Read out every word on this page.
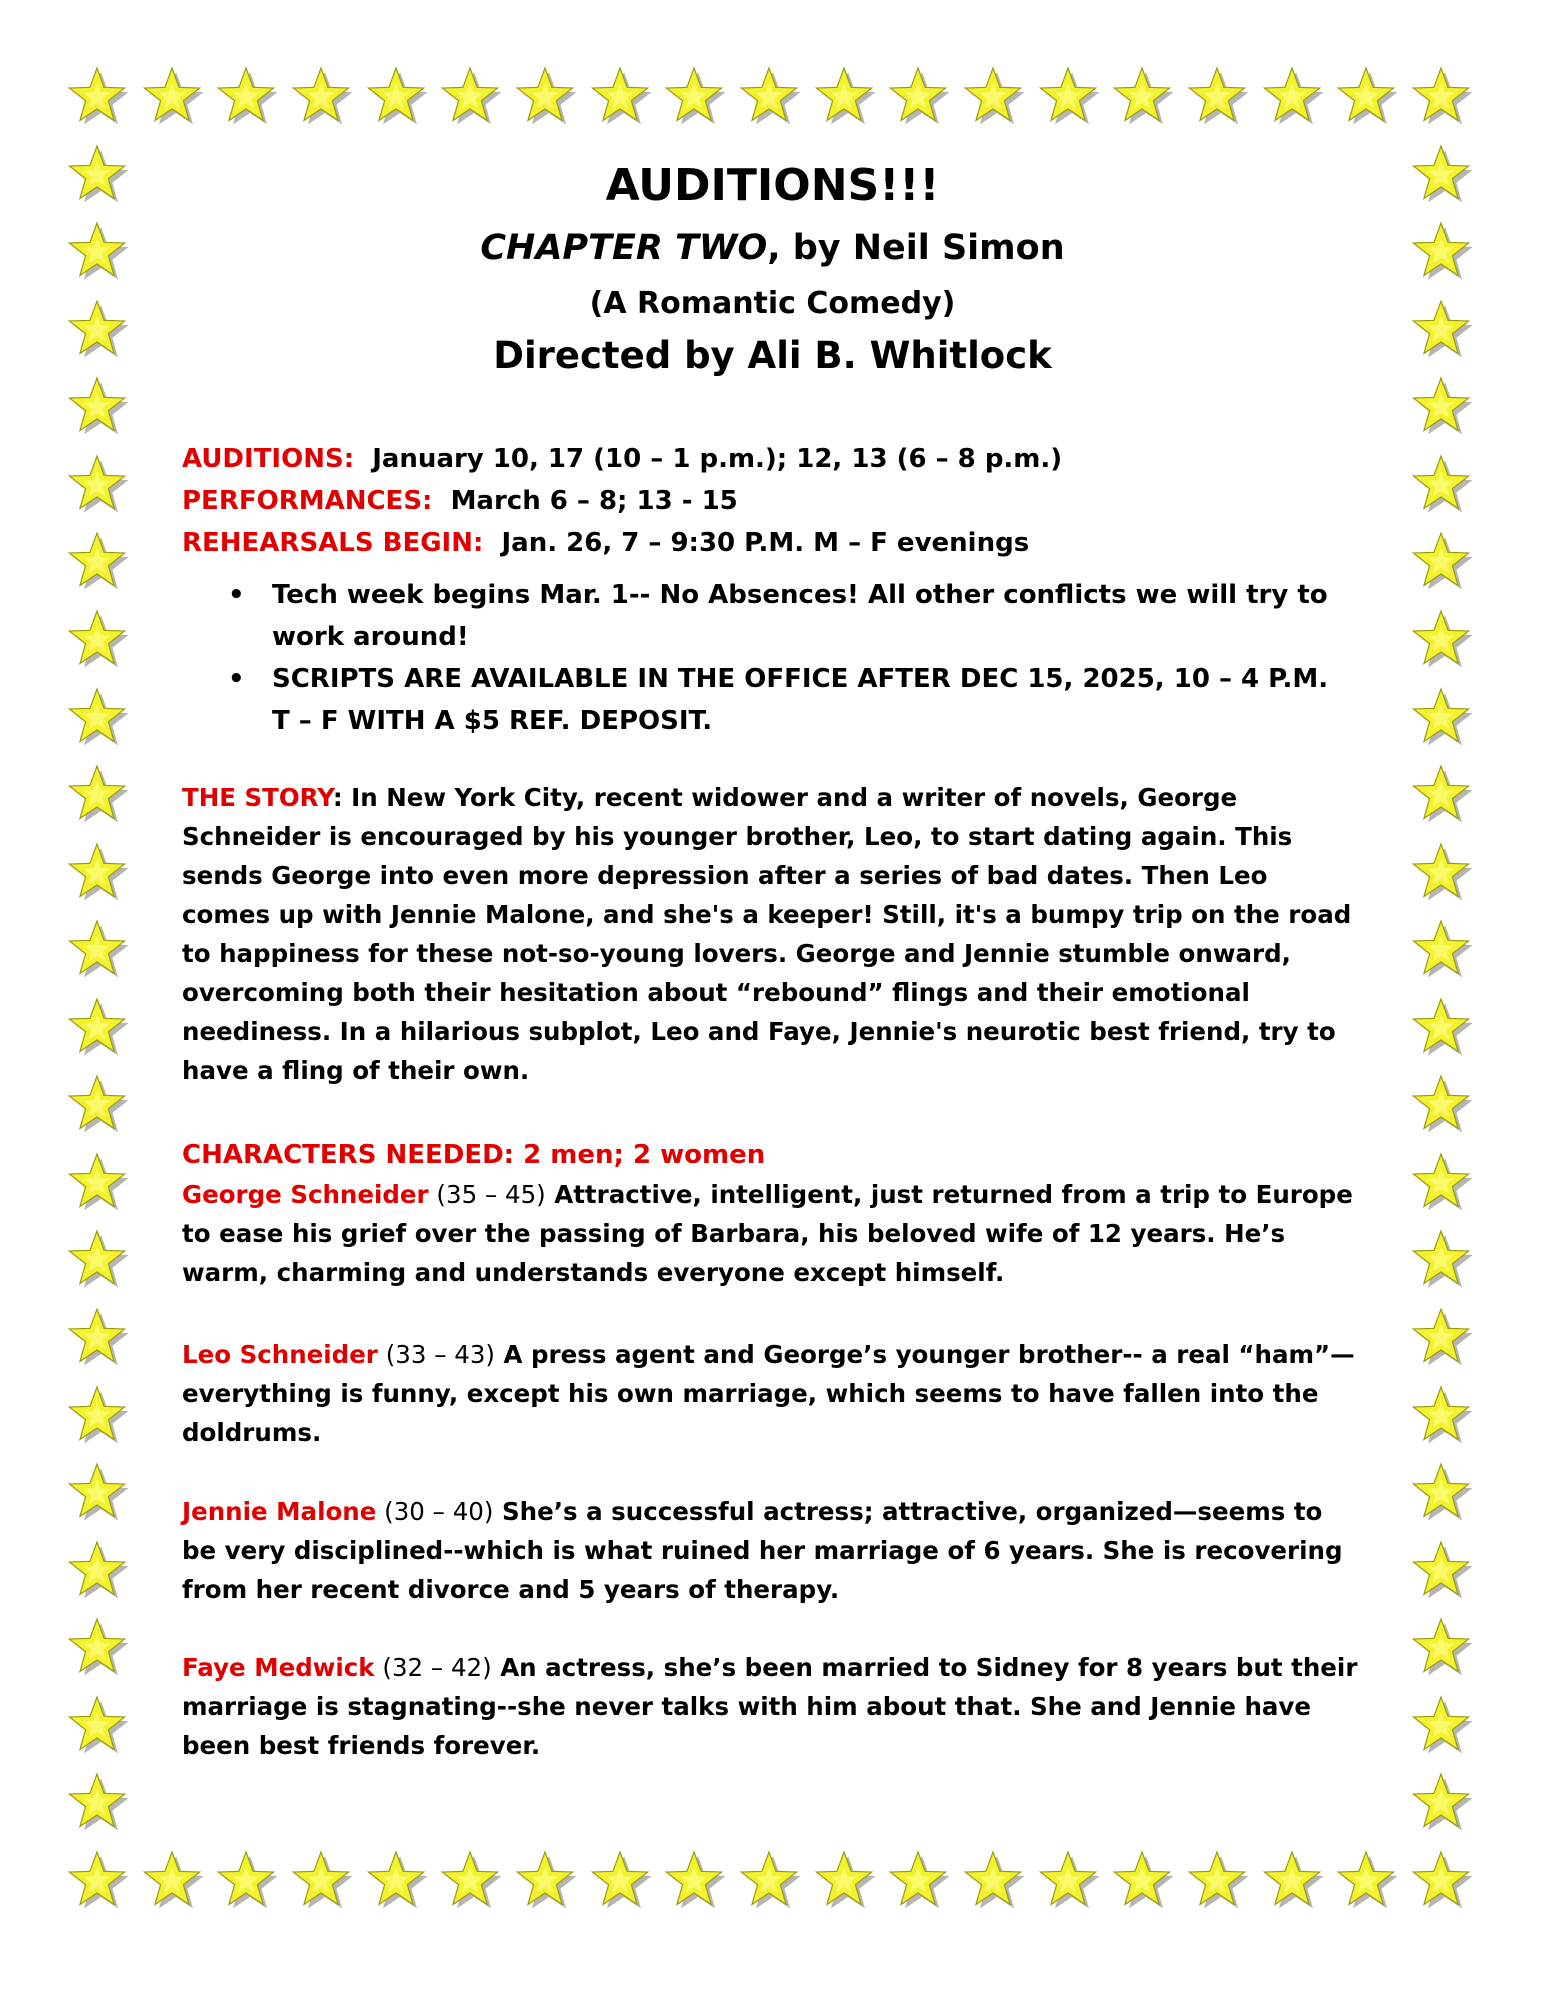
AUDITIONS!!!
CHAPTER TWO, by Neil Simon
(A Romantic Comedy)
Directed by Ali B. Whitlock
AUDITIONS: January 10, 17 (10 – 1 p.m.); 12, 13 (6 – 8 p.m.)
PERFORMANCES: March 6 – 8; 13 - 15
REHEARSALS BEGIN: Jan. 26, 7 – 9:30 P.M. M – F evenings
• Tech week begins Mar. 1-- No Absences! All other conflicts we will try to work around!
• SCRIPTS ARE AVAILABLE IN THE OFFICE AFTER DEC 15, 2025, 10 – 4 P.M. T – F WITH A $5 REF. DEPOSIT.
THE STORY: In New York City, recent widower and a writer of novels, George Schneider is encouraged by his younger brother, Leo, to start dating again. This sends George into even more depression after a series of bad dates. Then Leo comes up with Jennie Malone, and she's a keeper! Still, it's a bumpy trip on the road to happiness for these not-so-young lovers. George and Jennie stumble onward, overcoming both their hesitation about “rebound” flings and their emotional neediness. In a hilarious subplot, Leo and Faye, Jennie's neurotic best friend, try to have a fling of their own.
CHARACTERS NEEDED: 2 men; 2 women
George Schneider (35 – 45) Attractive, intelligent, just returned from a trip to Europe to ease his grief over the passing of Barbara, his beloved wife of 12 years. He’s warm, charming and understands everyone except himself.
Leo Schneider (33 – 43) A press agent and George’s younger brother-- a real “ham”—everything is funny, except his own marriage, which seems to have fallen into the doldrums.
Jennie Malone (30 – 40) She’s a successful actress; attractive, organized—seems to be very disciplined--which is what ruined her marriage of 6 years. She is recovering from her recent divorce and 5 years of therapy.
Faye Medwick (32 – 42) An actress, she’s been married to Sidney for 8 years but their marriage is stagnating--she never talks with him about that. She and Jennie have been best friends forever.
